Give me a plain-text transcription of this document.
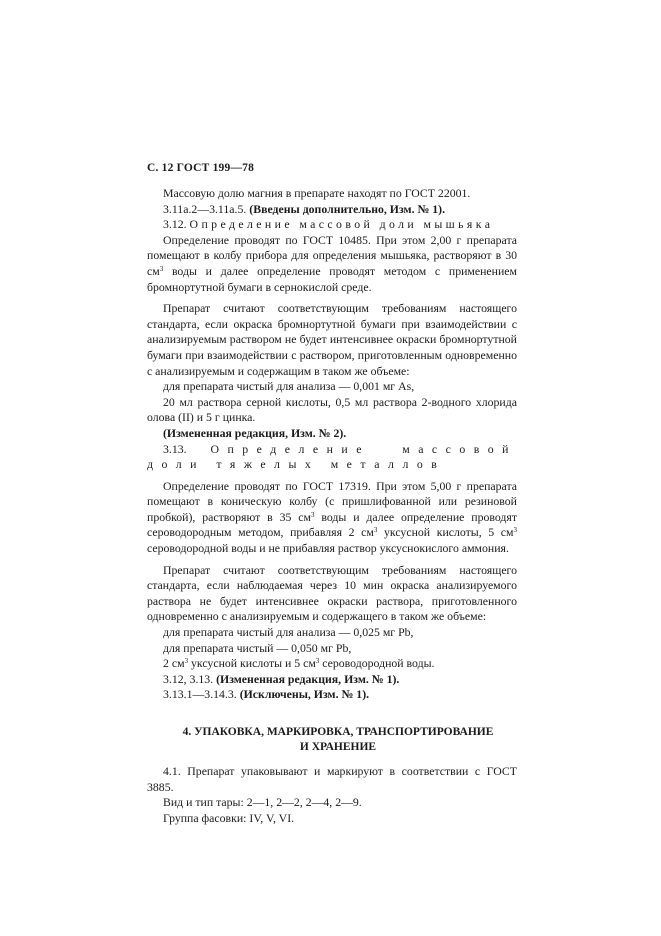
С. 12 ГОСТ 199—78

Массовую долю магния в препарате находят по ГОСТ 22001.

3.11а.2—3.11а.5. (Введены дополнительно, Изм. № 1).

3.12. Определение массовой доли мышьяка

Определение проводят по ГОСТ 10485. При этом 2,00 г препарата помещают в колбу прибора для определения мышьяка, растворяют в 30 $см^3$ воды и далее определение проводят методом с применением бромнортутной бумаги в сернокислой среде.

Препарат считают соответствующим требованиям настоящего стандарта, если окраска бромнортутной бумаги при взаимодействии с анализируемым раствором не будет интенсивнее окраски бромнортутной бумаги при взаимодействии с раствором, приготовленным одновременно с анализируемым и содержащим в таком же объеме:

для препарата чистый для анализа — 0,001 мг As,

20 мл раствора серной кислоты, 0,5 мл раствора 2-водного хлорида олова (II) и 5 г цинка.

(Измененная редакция, Изм. № 2).

3.13. Определение массовой доли тяжелых металлов

Определение проводят по ГОСТ 17319. При этом 5,00 г препарата помещают в коническую колбу (с пришлифованной или резиновой пробкой), растворяют в 35 $см^3$ воды и далее определение проводят сероводородным методом, прибавляя 2 $см^3$ уксусной кислоты, 5 $см^3$ сероводородной воды и не прибавляя раствор уксуснокислого аммония.

Препарат считают соответствующим требованиям настоящего стандарта, если наблюдаемая через 10 мин окраска анализируемого раствора не будет интенсивнее окраски раствора, приготовленного одновременно с анализируемым и содержащего в таком же объеме:

для препарата чистый для анализа — 0,025 мг Pb,

для препарата чистый — 0,050 мг Pb,

2 $см^3$ уксусной кислоты и 5 $см^3$ сероводородной воды.

3.12, 3.13. (Измененная редакция, Изм. № 1).

3.13.1—3.14.3. (Исключены, Изм. № 1).

4. УПАКОВКА, МАРКИРОВКА, ТРАНСПОРТИРОВАНИЕ
И ХРАНЕНИЕ

4.1. Препарат упаковывают и маркируют в соответствии с ГОСТ 3885.

Вид и тип тары: 2—1, 2—2, 2—4, 2—9.

Группа фасовки: IV, V, VI.
